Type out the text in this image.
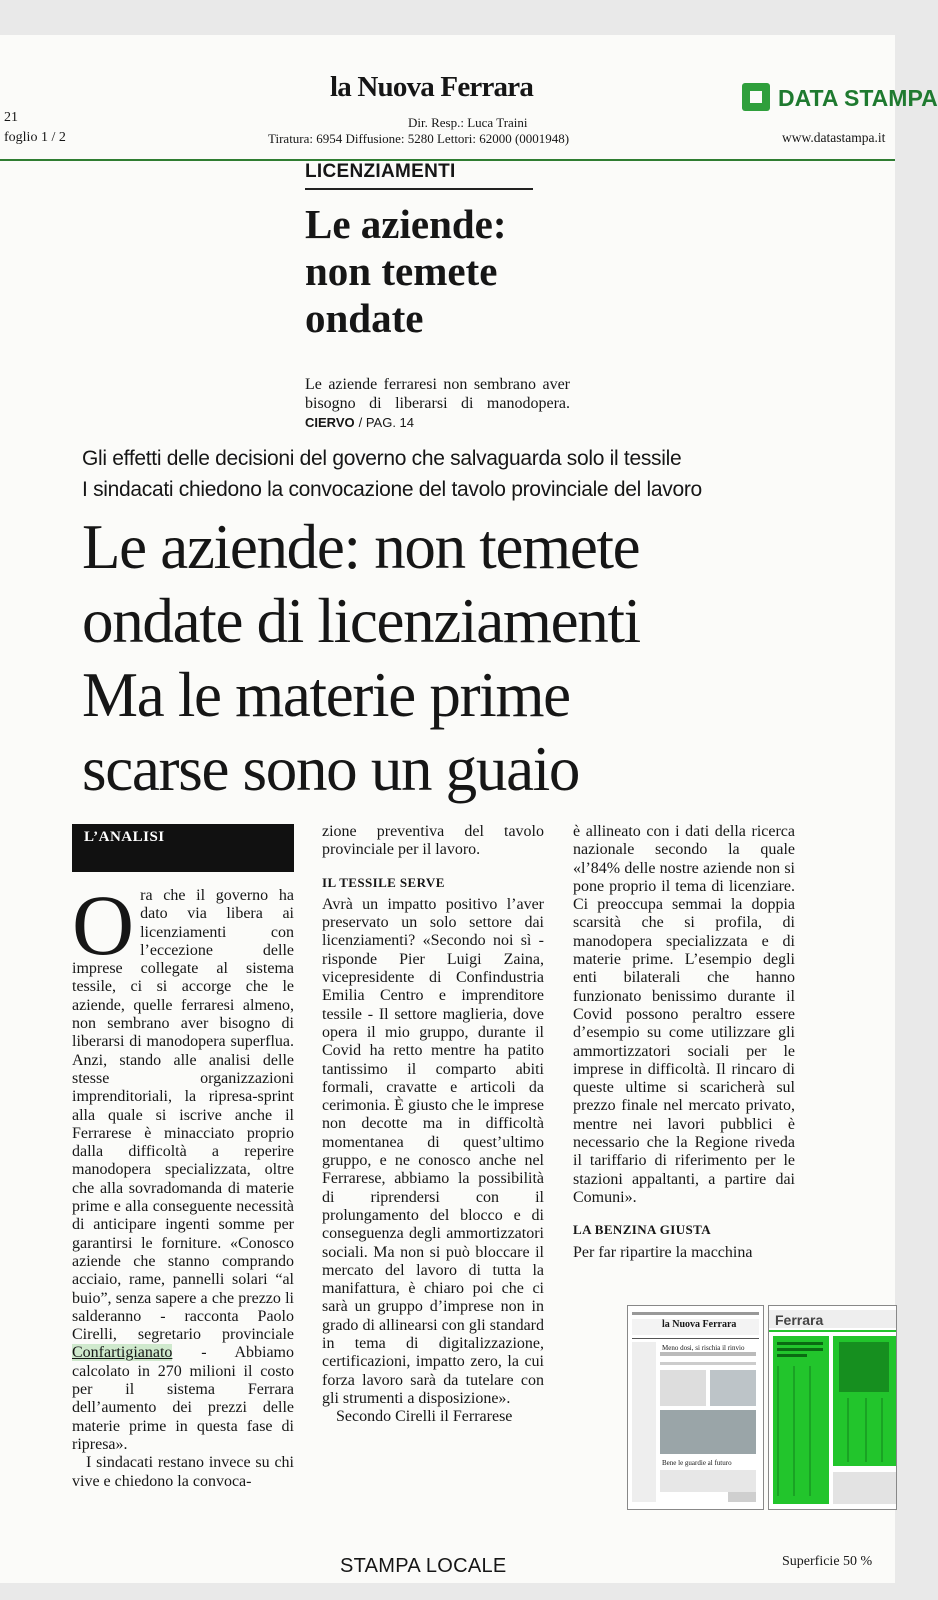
21
foglio 1 / 2
la Nuova Ferrara
Dir. Resp.: Luca Traini
Tiratura: 6954 Diffusione: 5280 Lettori: 62000 (0001948)
DATA STAMPA
www.datastampa.it
LICENZIAMENTI
Le aziende:
non temete
ondate
Le aziende ferraresi non sembrano aver bisogno di liberarsi di manodopera. CIERVO / PAG. 14
Gli effetti delle decisioni del governo che salvaguarda solo il tessile
I sindacati chiedono la convocazione del tavolo provinciale del lavoro
Le aziende: non temete
ondate di licenziamenti
Ma le materie prime
scarse sono un guaio
L’ANALISI

O ra che il governo ha dato via libera ai licenziamenti con l’eccezione delle imprese collegate al sistema tessile, ci si accorge che le aziende, quelle ferraresi almeno, non sembrano aver bisogno di liberarsi di manodopera superflua. Anzi, stando alle analisi delle stesse organizzazioni imprenditoriali, la ripresa-sprint alla quale si iscrive anche il Ferrarese è minacciato proprio dalla difficoltà a reperire manodopera specializzata, oltre che alla sovradomanda di materie prime e alla conseguente necessità di anticipare ingenti somme per garantirsi le forniture. «Conosco aziende che stanno comprando acciaio, rame, pannelli solari “al buio”, senza sapere a che prezzo li salderanno - racconta Paolo Cirelli, segretario provinciale Confartigianato - Abbiamo calcolato in 270 milioni il costo per il sistema Ferrara dell’aumento dei prezzi delle materie prime in questa fase di ripresa».

I sindacati restano invece su chi vive e chiedono la convoca-

zione preventiva del tavolo provinciale per il lavoro.

IL TESSILE SERVE

Avrà un impatto positivo l’aver preservato un solo settore dai licenziamenti? «Secondo noi sì - risponde Pier Luigi Zaina, vicepresidente di Confindustria Emilia Centro e imprenditore tessile - Il settore maglieria, dove opera il mio gruppo, durante il Covid ha retto mentre ha patito tantissimo il comparto abiti formali, cravatte e articoli da cerimonia. È giusto che le imprese non decotte ma in difficoltà momentanea di quest’ultimo gruppo, e ne conosco anche nel Ferrarese, abbiamo la possibilità di riprendersi con il prolungamento del blocco e di conseguenza degli ammortizzatori sociali. Ma non si può bloccare il mercato del lavoro di tutta la manifattura, è chiaro poi che ci sarà un gruppo d’imprese non in grado di allinearsi con gli standard in tema di digitalizzazione, certificazioni, impatto zero, la cui forza lavoro sarà da tutelare con gli strumenti a disposizione».

Secondo Cirelli il Ferrarese

è allineato con i dati della ricerca nazionale secondo la quale «l’84% delle nostre aziende non si pone proprio il tema di licenziare. Ci preoccupa semmai la doppia scarsità che si profila, di manodopera specializzata e di materie prime. L’esempio degli enti bilaterali che hanno funzionato benissimo durante il Covid possono peraltro essere d’esempio su come utilizzare gli ammortizzatori sociali per le imprese in difficoltà. Il rincaro di queste ultime si scaricherà sul prezzo finale nel mercato privato, mentre nei lavori pubblici è necessario che la Regione riveda il tariffario di riferimento per le stazioni appaltanti, a partire dai Comuni».

LA BENZINA GIUSTA

Per far ripartire la macchina

la Nuova Ferrara
Meno dosi, si rischia il rinvio
Bene le guardie al futuro
Ferrara
STAMPA LOCALE	Superficie 50 %
